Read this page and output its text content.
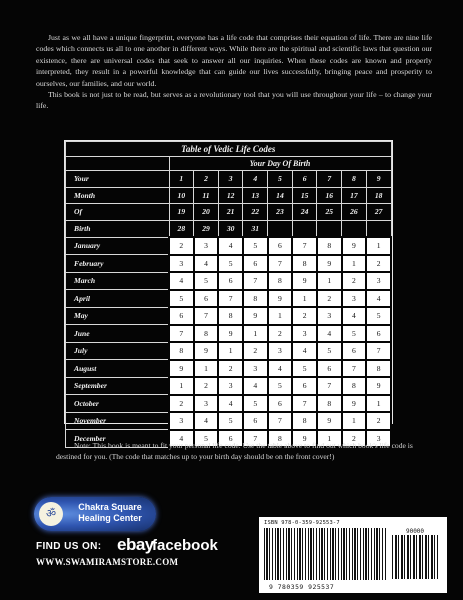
Just as we all have a unique fingerprint, everyone has a life code that comprises their equation of life. There are nine life codes which connects us all to one another in different ways. While there are the spiritual and scientific laws that question our existence, there are universal codes that seek to answer all our inquiries. When these codes are known and properly interpreted, they result in a powerful knowledge that can guide our lives successfully, bringing peace and prosperity to ourselves, our families, and our world.

This book is not just to be read, but serves as a revolutionary tool that you will use throughout your life – to change your life.

Table of Vedic Life Codes									
	Your Day Of Birth								
Your	1	2	3	4	5	6	7	8	9
Month	10	11	12	13	14	15	16	17	18
Of	19	20	21	22	23	24	25	26	27
Birth	28	29	30	31					
January	2	3	4	5	6	7	8	9	1
February	3	4	5	6	7	8	9	1	2
March	4	5	6	7	8	9	1	2	3
April	5	6	7	8	9	1	2	3	4
May	6	7	8	9	1	2	3	4	5
June	7	8	9	1	2	3	4	5	6
July	8	9	1	2	3	4	5	6	7
August	9	1	2	3	4	5	6	7	8
September	1	2	3	4	5	6	7	8	9
October	2	3	4	5	6	7	8	9	1
November	3	4	5	6	7	8	9	1	2
December	4	5	6	7	8	9	1	2	3

Note: This book is meant to fit your personal life code. Use the table above to find out which book's life code is destined for you. (The code that matches up to your birth day should be on the front cover!)

ॐ	Chakra Square
Healing Center
FIND US ON: ebay
facebook
WWW.SWAMIRAMSTORE.COM
ISBN 978-0-359-92553-7
90000
9 780359 925537
